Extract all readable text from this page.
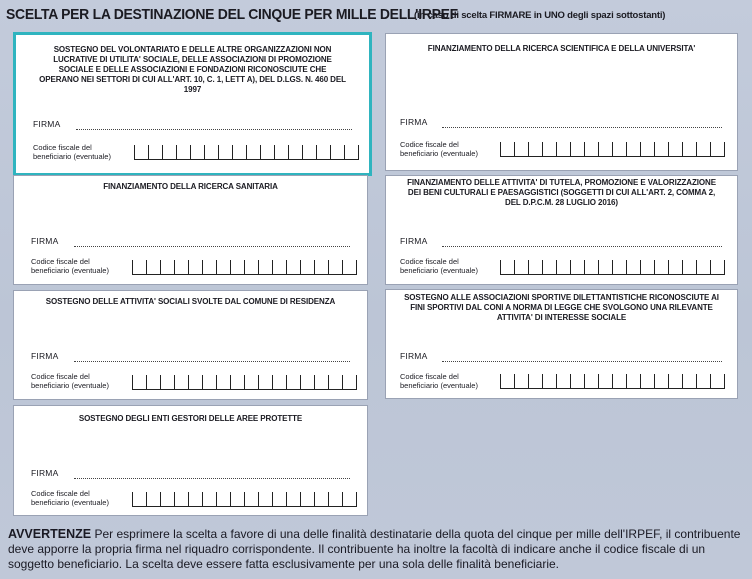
SCELTA PER LA DESTINAZIONE DEL CINQUE PER MILLE DELL'IRPEF
(in caso di scelta FIRMARE in UNO degli spazi sottostanti)
SOSTEGNO DEL VOLONTARIATO E DELLE ALTRE ORGANIZZAZIONI NON LUCRATIVE DI UTILITA' SOCIALE, DELLE ASSOCIAZIONI DI PROMOZIONE SOCIALE E DELLE ASSOCIAZIONI E FONDAZIONI RICONOSCIUTE CHE OPERANO NEI SETTORI DI CUI ALL'ART. 10, C. 1, LETT A), DEL D.LGS. N. 460 DEL 1997
FIRMA
Codice fiscale del
beneficiario (eventuale)
FINANZIAMENTO DELLA RICERCA SCIENTIFICA E DELLA UNIVERSITA'
FIRMA
Codice fiscale del
beneficiario (eventuale)
FINANZIAMENTO DELLA RICERCA SANITARIA
FIRMA
Codice fiscale del
beneficiario (eventuale)
FINANZIAMENTO DELLE ATTIVITA' DI TUTELA, PROMOZIONE E VALORIZZAZIONE DEI BENI CULTURALI E PAESAGGISTICI (SOGGETTI DI CUI ALL'ART. 2, COMMA 2, DEL D.P.C.M. 28 LUGLIO 2016)
FIRMA
Codice fiscale del
beneficiario (eventuale)
SOSTEGNO DELLE ATTIVITA' SOCIALI SVOLTE DAL COMUNE DI RESIDENZA
FIRMA
Codice fiscale del
beneficiario (eventuale)
SOSTEGNO ALLE ASSOCIAZIONI SPORTIVE DILETTANTISTICHE RICONOSCIUTE AI FINI SPORTIVI DAL CONI A NORMA DI LEGGE CHE SVOLGONO UNA RILEVANTE ATTIVITA' DI INTERESSE SOCIALE
FIRMA
Codice fiscale del
beneficiario (eventuale)
SOSTEGNO DEGLI ENTI GESTORI DELLE AREE PROTETTE
FIRMA
Codice fiscale del
beneficiario (eventuale)
AVVERTENZE Per esprimere la scelta a favore di una delle finalità destinatarie della quota del cinque per mille dell'IRPEF, il contribuente deve apporre la propria firma nel riquadro corrispondente. Il contribuente ha inoltre la facoltà di indicare anche il codice fiscale di un soggetto beneficiario. La scelta deve essere fatta esclusivamente per una sola delle finalità beneficiarie.
